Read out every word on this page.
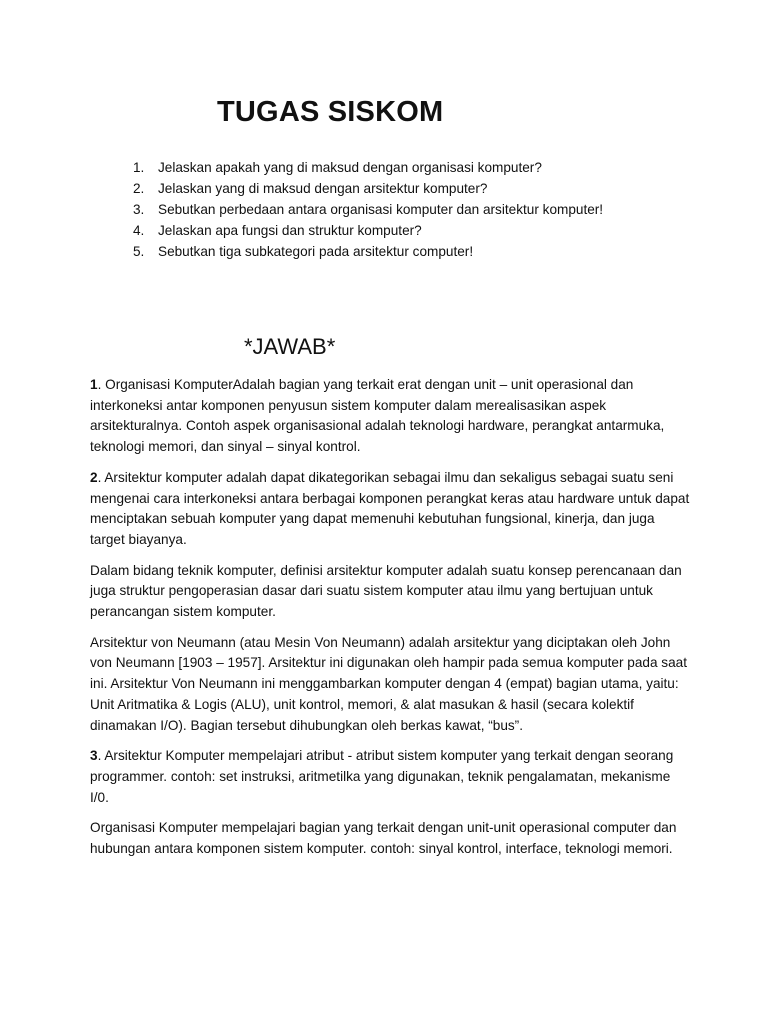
TUGAS SISKOM
1.	Jelaskan apakah yang di maksud dengan organisasi komputer?
2.	Jelaskan yang di maksud dengan arsitektur komputer?
3.	Sebutkan perbedaan antara organisasi komputer dan arsitektur komputer!
4.	Jelaskan apa fungsi dan struktur komputer?
5.	Sebutkan tiga subkategori pada arsitektur computer!
*JAWAB*

1. Organisasi KomputerAdalah bagian yang terkait erat dengan unit – unit operasional dan interkoneksi antar komponen penyusun sistem komputer dalam merealisasikan aspek arsitekturalnya. Contoh aspek organisasional adalah teknologi hardware, perangkat antarmuka, teknologi memori, dan sinyal – sinyal kontrol.

2. Arsitektur komputer adalah dapat dikategorikan sebagai ilmu dan sekaligus sebagai suatu seni mengenai cara interkoneksi antara berbagai komponen perangkat keras atau hardware untuk dapat menciptakan sebuah komputer yang dapat memenuhi kebutuhan fungsional, kinerja, dan juga target biayanya.

Dalam bidang teknik komputer, definisi arsitektur komputer adalah suatu konsep perencanaan dan juga struktur pengoperasian dasar dari suatu sistem komputer atau ilmu yang bertujuan untuk perancangan sistem komputer.

Arsitektur von Neumann (atau Mesin Von Neumann) adalah arsitektur yang diciptakan oleh John von Neumann [1903 – 1957]. Arsitektur ini digunakan oleh hampir pada semua komputer pada saat ini. Arsitektur Von Neumann ini menggambarkan komputer dengan 4 (empat) bagian utama, yaitu: Unit Aritmatika & Logis (ALU), unit kontrol, memori, & alat masukan & hasil (secara kolektif dinamakan I/O). Bagian tersebut dihubungkan oleh berkas kawat, “bus”.

3. Arsitektur Komputer mempelajari atribut - atribut sistem komputer yang terkait dengan seorang programmer. contoh: set instruksi, aritmetilka yang digunakan, teknik pengalamatan, mekanisme I/0.

Organisasi Komputer mempelajari bagian yang terkait dengan unit-unit operasional computer dan hubungan antara komponen sistem komputer. contoh: sinyal kontrol, interface, teknologi memori.
